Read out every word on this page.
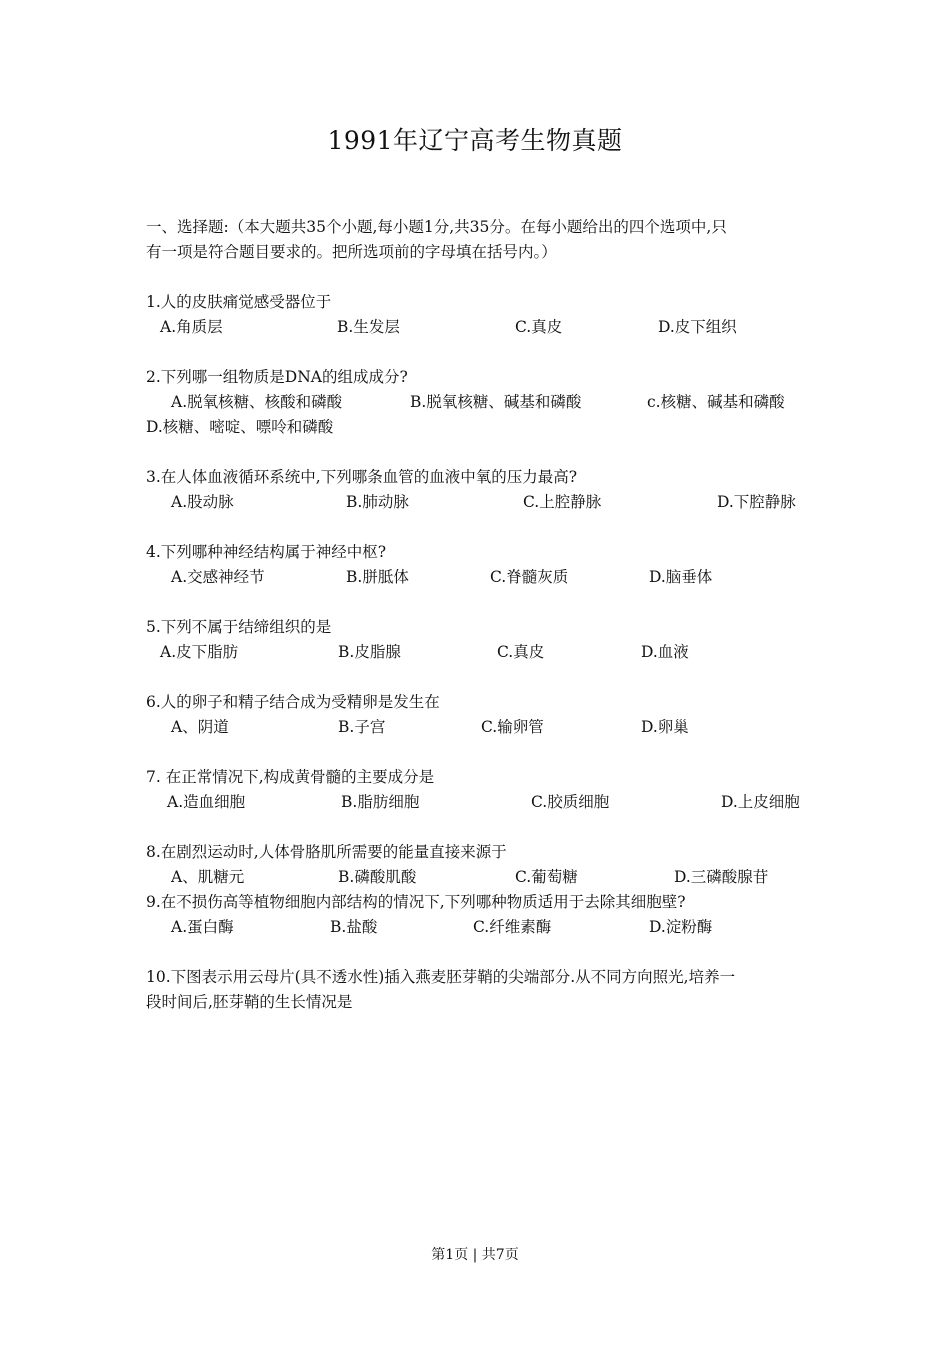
1991年辽宁高考生物真题
一、选择题:（本大题共35个小题,每小题1分,共35分。在每小题给出的四个选项中,只
有一项是符合题目要求的。把所选项前的字母填在括号内。）
1.人的皮肤痛觉感受器位于
A.角质层	B.生发层	C.真皮	D.皮下组织
2.下列哪一组物质是DNA的组成成分?
A.脱氧核糖、核酸和磷酸	B.脱氧核糖、碱基和磷酸	c.核糖、碱基和磷酸
D.核糖、嘧啶、嘌呤和磷酸
3.在人体血液循环系统中,下列哪条血管的血液中氧的压力最高?
A.股动脉	B.肺动脉	C.上腔静脉	D.下腔静脉
4.下列哪种神经结构属于神经中枢?
A.交感神经节	B.胼胝体	C.脊髓灰质	D.脑垂体
5.下列不属于结缔组织的是
A.皮下脂肪	B.皮脂腺	C.真皮	D.血液
6.人的卵子和精子结合成为受精卵是发生在
A、阴道	B.子宫	C.输卵管	D.卵巢
7. 在正常情况下,构成黄骨髓的主要成分是
A.造血细胞	B.脂肪细胞	C.胶质细胞	D.上皮细胞
8.在剧烈运动时,人体骨胳肌所需要的能量直接来源于
A、肌糖元	B.磷酸肌酸	C.葡萄糖	D.三磷酸腺苷
9.在不损伤高等植物细胞内部结构的情况下,下列哪种物质适用于去除其细胞壁?
A.蛋白酶	B.盐酸	C.纤维素酶	D.淀粉酶
10.下图表示用云母片(具不透水性)插入燕麦胚芽鞘的尖端部分.从不同方向照光,培养一
段时间后,胚芽鞘的生长情况是
第1页 | 共7页
